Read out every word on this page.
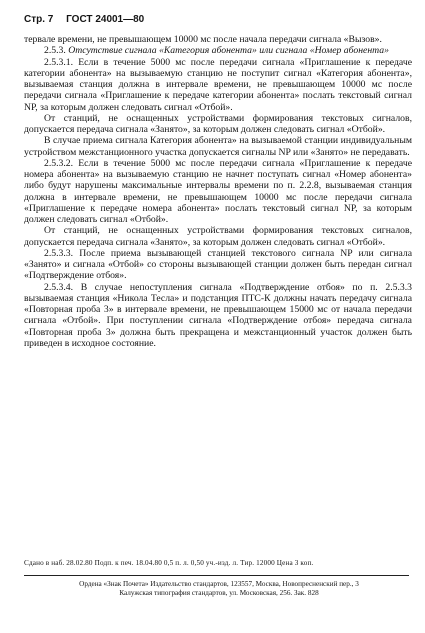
Стр. 7 ГОСТ 24001—80

тервале времени, не превышающем 10000 мс после начала передачи сигнала «Вызов».

2.5.3. Отсутствие сигнала «Категория абонента» или сигнала «Номер абонента»

2.5.3.1. Если в течение 5000 мс после передачи сигнала «Приглашение к передаче категории абонента» на вызываемую станцию не поступит сигнал «Категория абонента», вызываемая станция должна в интервале времени, не превышающем 10000 мс после передачи сигнала «Приглашение к передаче категории абонента» послать текстовый сигнал NP, за которым должен следовать сигнал «Отбой».

От станций, не оснащенных устройствами формирования текстовых сигналов, допускается передача сигнала «Занято», за которым должен следовать сигнал «Отбой».

В случае приема сигнала Категория абонента» на вызываемой станции индивидуальным устройством межстанционного участка допускается сигналы NP или «Занято» не передавать.

2.5.3.2. Если в течение 5000 мс после передачи сигнала «Приглашение к передаче номера абонента» на вызываемую станцию не начнет поступать сигнал «Номер абонента» либо будут нарушены максимальные интервалы времени по п. 2.2.8, вызываемая станция должна в интервале времени, не превышающем 10000 мс после передачи сигнала «Приглашение к передаче номера абонента» послать текстовый сигнал NP, за которым должен следовать сигнал «Отбой».

От станций, не оснащенных устройствами формирования текстовых сигналов, допускается передача сигнала «Занято», за которым должен следовать сигнал «Отбой».

2.5.3.3. После приема вызывающей станцией текстового сигнала NP или сигнала «Занято» и сигнала «Отбой» со стороны вызывающей станции должен быть передан сигнал «Подтверждение отбоя».

2.5.3.4. В случае непоступления сигнала «Подтверждение отбоя» по п. 2.5.3.3 вызываемая станция «Никола Тесла» и подстанция ПТС-К должны начать передачу сигнала «Повторная проба 3» в интервале времени, не превышающем 15000 мс от начала передачи сигнала «Отбой». При поступлении сигнала «Подтверждение отбоя» передача сигнала «Повторная проба 3» должна быть прекращена и межстанционный участок должен быть приведен в исходное состояние.

Сдано в наб. 28.02.80 Подп. к печ. 18.04.80 0,5 п. л. 0,50 уч.-изд. л. Тир. 12000 Цена 3 коп.
Ордена «Знак Почета» Издательство стандартов, 123557, Москва, Новопресненский пер., 3
Калужская типография стандартов, ул. Московская, 256. Зак. 828
